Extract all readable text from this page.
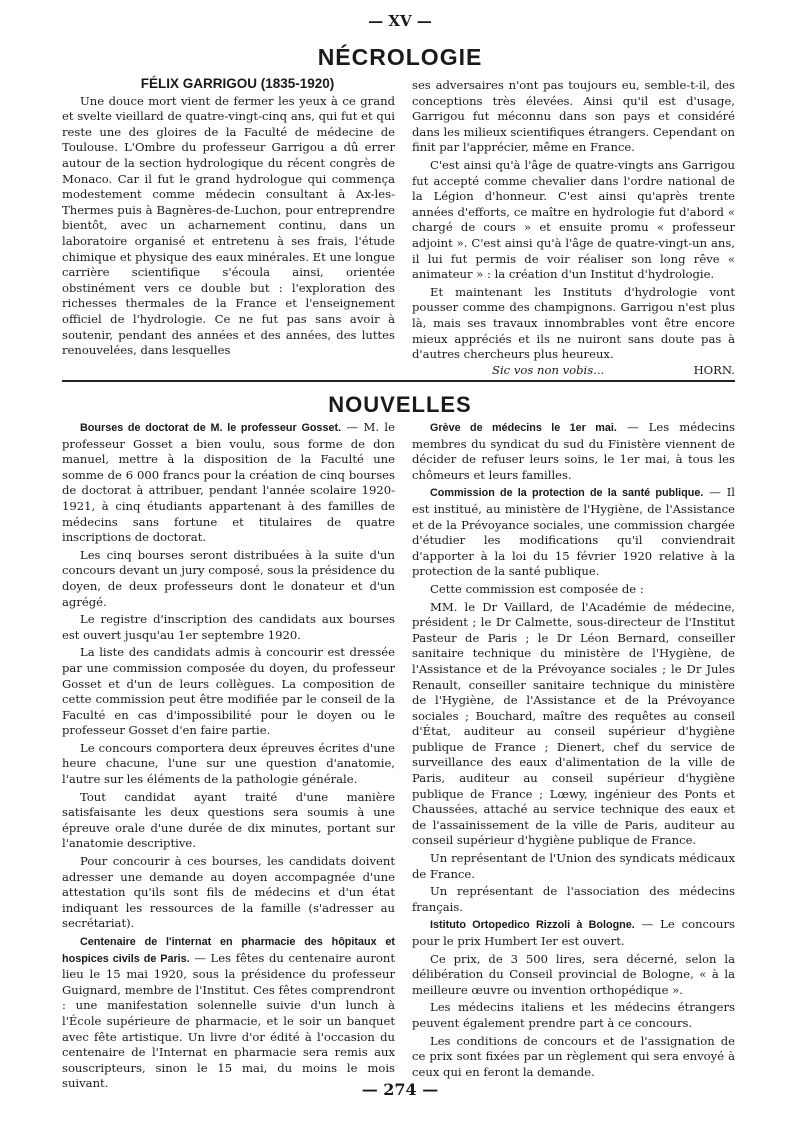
— XV —
NÉCROLOGIE

FÉLIX GARRIGOU (1835-1920)

Une douce mort vient de fermer les yeux à ce grand et svelte vieillard de quatre-vingt-cinq ans, qui fut et qui reste une des gloires de la Faculté de médecine de Toulouse. L'Ombre du professeur Garrigou a dû errer autour de la section hydrologique du récent congrès de Monaco. Car il fut le grand hydrologue qui commença modestement comme médecin consultant à Ax-les-Thermes puis à Bagnères-de-Luchon, pour entreprendre bientôt, avec un acharnement continu, dans un laboratoire organisé et entretenu à ses frais, l'étude chimique et physique des eaux minérales. Et une longue carrière scientifique s'écoula ainsi, orientée obstinément vers ce double but : l'exploration des richesses thermales de la France et l'enseignement officiel de l'hydrologie. Ce ne fut pas sans avoir à soutenir, pendant des années et des années, des luttes renouvelées, dans lesquelles

ses adversaires n'ont pas toujours eu, semble-t-il, des conceptions très élevées. Ainsi qu'il est d'usage, Garrigou fut méconnu dans son pays et considéré dans les milieux scientifiques étrangers. Cependant on finit par l'apprécier, même en France.

C'est ainsi qu'à l'âge de quatre-vingts ans Garrigou fut accepté comme chevalier dans l'ordre national de la Légion d'honneur. C'est ainsi qu'après trente années d'efforts, ce maître en hydrologie fut d'abord « chargé de cours » et ensuite promu « professeur adjoint ». C'est ainsi qu'à l'âge de quatre-vingt-un ans, il lui fut permis de voir réaliser son long rêve « animateur » : la création d'un Institut d'hydrologie.

Et maintenant les Instituts d'hydrologie vont pousser comme des champignons. Garrigou n'est plus là, mais ses travaux innombrables vont être encore mieux appréciés et ils ne nuiront sans doute pas à d'autres chercheurs plus heureux.

Sic vos non vobis...	HORN.
NOUVELLES

Bourses de doctorat de M. le professeur Gosset. — M. le professeur Gosset a bien voulu, sous forme de don manuel, mettre à la disposition de la Faculté une somme de 6 000 francs pour la création de cinq bourses de doctorat à attribuer, pendant l'année scolaire 1920-1921, à cinq étudiants appartenant à des familles de médecins sans fortune et titulaires de quatre inscriptions de doctorat.

Les cinq bourses seront distribuées à la suite d'un concours devant un jury composé, sous la présidence du doyen, de deux professeurs dont le donateur et d'un agrégé.

Le registre d'inscription des candidats aux bourses est ouvert jusqu'au 1er septembre 1920.

La liste des candidats admis à concourir est dressée par une commission composée du doyen, du professeur Gosset et d'un de leurs collègues. La composition de cette commission peut être modifiée par le conseil de la Faculté en cas d'impossibilité pour le doyen ou le professeur Gosset d'en faire partie.

Le concours comportera deux épreuves écrites d'une heure chacune, l'une sur une question d'anatomie, l'autre sur les éléments de la pathologie générale.

Tout candidat ayant traité d'une manière satisfaisante les deux questions sera soumis à une épreuve orale d'une durée de dix minutes, portant sur l'anatomie descriptive.

Pour concourir à ces bourses, les candidats doivent adresser une demande au doyen accompagnée d'une attestation qu'ils sont fils de médecins et d'un état indiquant les ressources de la famille (s'adresser au secrétariat).

Centenaire de l'internat en pharmacie des hôpitaux et hospices civils de Paris. — Les fêtes du centenaire auront lieu le 15 mai 1920, sous la présidence du professeur Guignard, membre de l'Institut. Ces fêtes comprendront : une manifestation solennelle suivie d'un lunch à l'École supérieure de pharmacie, et le soir un banquet avec fête artistique. Un livre d'or édité à l'occasion du centenaire de l'Internat en pharmacie sera remis aux souscripteurs, sinon le 15 mai, du moins le mois suivant.

Grève de médecins le 1er mai. — Les médecins membres du syndicat du sud du Finistère viennent de décider de refuser leurs soins, le 1er mai, à tous les chômeurs et leurs familles.

Commission de la protection de la santé publique. — Il est institué, au ministère de l'Hygiène, de l'Assistance et de la Prévoyance sociales, une commission chargée d'étudier les modifications qu'il conviendrait d'apporter à la loi du 15 février 1920 relative à la protection de la santé publique.

Cette commission est composée de :

MM. le Dr Vaillard, de l'Académie de médecine, président ; le Dr Calmette, sous-directeur de l'Institut Pasteur de Paris ; le Dr Léon Bernard, conseiller sanitaire technique du ministère de l'Hygiène, de l'Assistance et de la Prévoyance sociales ; le Dr Jules Renault, conseiller sanitaire technique du ministère de l'Hygiène, de l'Assistance et de la Prévoyance sociales ; Bouchard, maître des requêtes au conseil d'État, auditeur au conseil supérieur d'hygiène publique de France ; Dienert, chef du service de surveillance des eaux d'alimentation de la ville de Paris, auditeur au conseil supérieur d'hygiène publique de France ; Lœwy, ingénieur des Ponts et Chaussées, attaché au service technique des eaux et de l'assainissement de la ville de Paris, auditeur au conseil supérieur d'hygiène publique de France.

Un représentant de l'Union des syndicats médicaux de France.

Un représentant de l'association des médecins français.

Istituto Ortopedico Rizzoli à Bologne. — Le concours pour le prix Humbert Ier est ouvert.

Ce prix, de 3 500 lires, sera décerné, selon la délibération du Conseil provincial de Bologne, « à la meilleure œuvre ou invention orthopédique ».

Les médecins italiens et les médecins étrangers peuvent également prendre part à ce concours.

Les conditions de concours et de l'assignation de ce prix sont fixées par un règlement qui sera envoyé à ceux qui en feront la demande.

— 274 —
